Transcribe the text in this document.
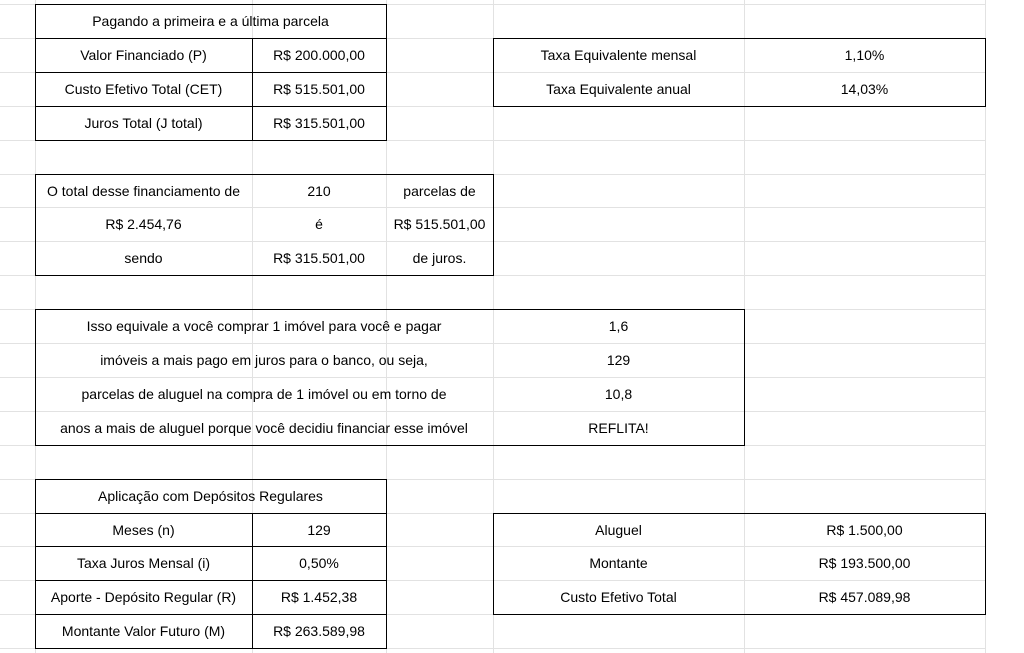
Pagando a primeira e a última parcela
Valor Financiado (P)	R$ 200.000,00
Custo Efetivo Total (CET)	R$ 515.501,00
Juros Total (J total)	R$ 315.501,00
Taxa Equivalente mensal	1,10%
Taxa Equivalente anual	14,03%
O total desse financiamento de	210	parcelas de
R$ 2.454,76	é	R$ 515.501,00
sendo	R$ 315.501,00	de juros.
Isso equivale a você comprar 1 imóvel para você e pagar	1,6
imóveis a mais pago em juros para o banco, ou seja,	129
parcelas de aluguel na compra de 1 imóvel ou em torno de	10,8
anos a mais de aluguel porque você decidiu financiar esse imóvel	REFLITA!
Aplicação com Depósitos Regulares
Meses (n)	129
Taxa Juros Mensal (i)	0,50%
Aporte - Depósito Regular (R)	R$ 1.452,38
Montante Valor Futuro (M)	R$ 263.589,98
Aluguel	R$ 1.500,00
Montante	R$ 193.500,00
Custo Efetivo Total	R$ 457.089,98
